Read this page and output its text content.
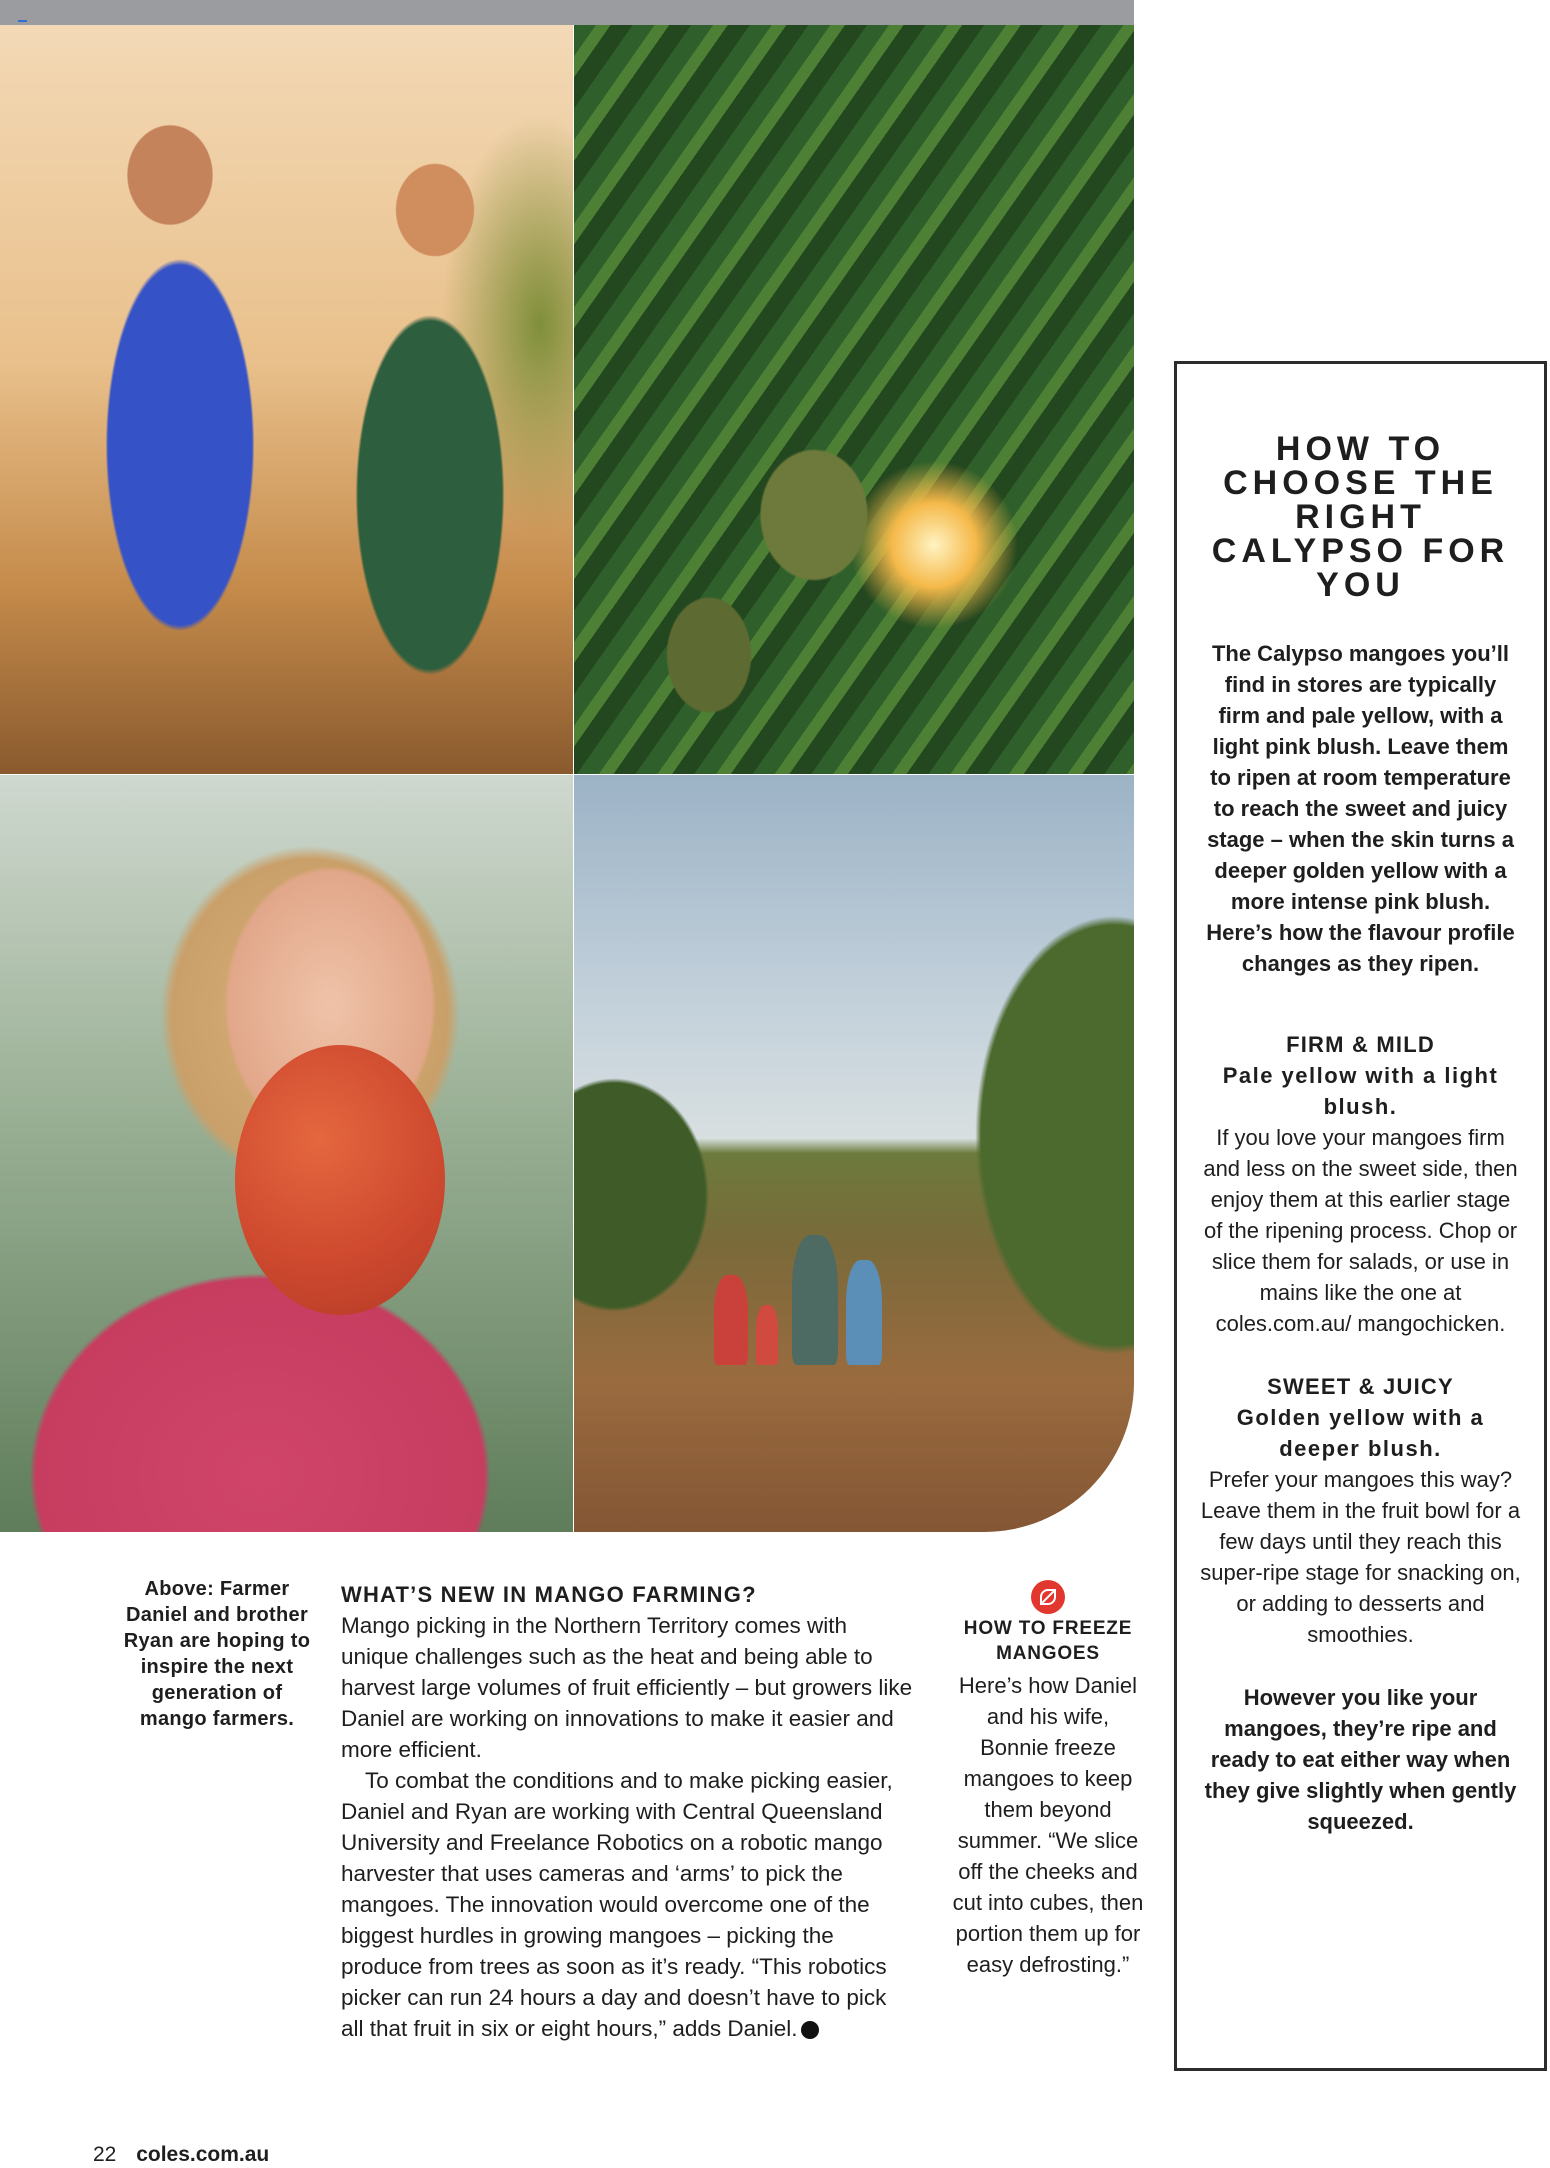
Above: Farmer Daniel and brother Ryan are hoping to inspire the next generation of mango farmers.
WHAT’S NEW IN MANGO FARMING?

Mango picking in the Northern Territory comes with unique challenges such as the heat and being able to harvest large volumes of fruit efficiently – but growers like Daniel are working on innovations to make it easier and more efficient.

To combat the conditions and to make picking easier, Daniel and Ryan are working with Central Queensland University and Freelance Robotics on a robotic mango harvester that uses cameras and ‘arms’ to pick the mangoes. The innovation would overcome one of the biggest hurdles in growing mangoes – picking the produce from trees as soon as it’s ready. “This robotics picker can run 24 hours a day and doesn’t have to pick all that fruit in six or eight hours,” adds Daniel.

HOW TO FREEZE MANGOES
Here’s how Daniel and his wife, Bonnie freeze mangoes to keep them beyond summer. “We slice off the cheeks and cut into cubes, then portion them up for easy defrosting.”
HOW TO CHOOSE THE RIGHT CALYPSO FOR YOU
The Calypso mangoes you’ll find in stores are typically firm and pale yellow, with a light pink blush. Leave them to ripen at room temperature to reach the sweet and juicy stage – when the skin turns a deeper golden yellow with a more intense pink blush. Here’s how the flavour profile changes as they ripen.
FIRM & MILD

Pale yellow with a light blush.

If you love your mangoes firm and less on the sweet side, then enjoy them at this earlier stage of the ripening process. Chop or slice them for salads, or use in mains like the one at coles.com.au/ mangochicken.

SWEET & JUICY

Golden yellow with a deeper blush.

Prefer your mangoes this way? Leave them in the fruit bowl for a few days until they reach this super-ripe stage for snacking on, or adding to desserts and smoothies.

However you like your mangoes, they’re ripe and ready to eat either way when they give slightly when gently squeezed.
22 coles.com.au
